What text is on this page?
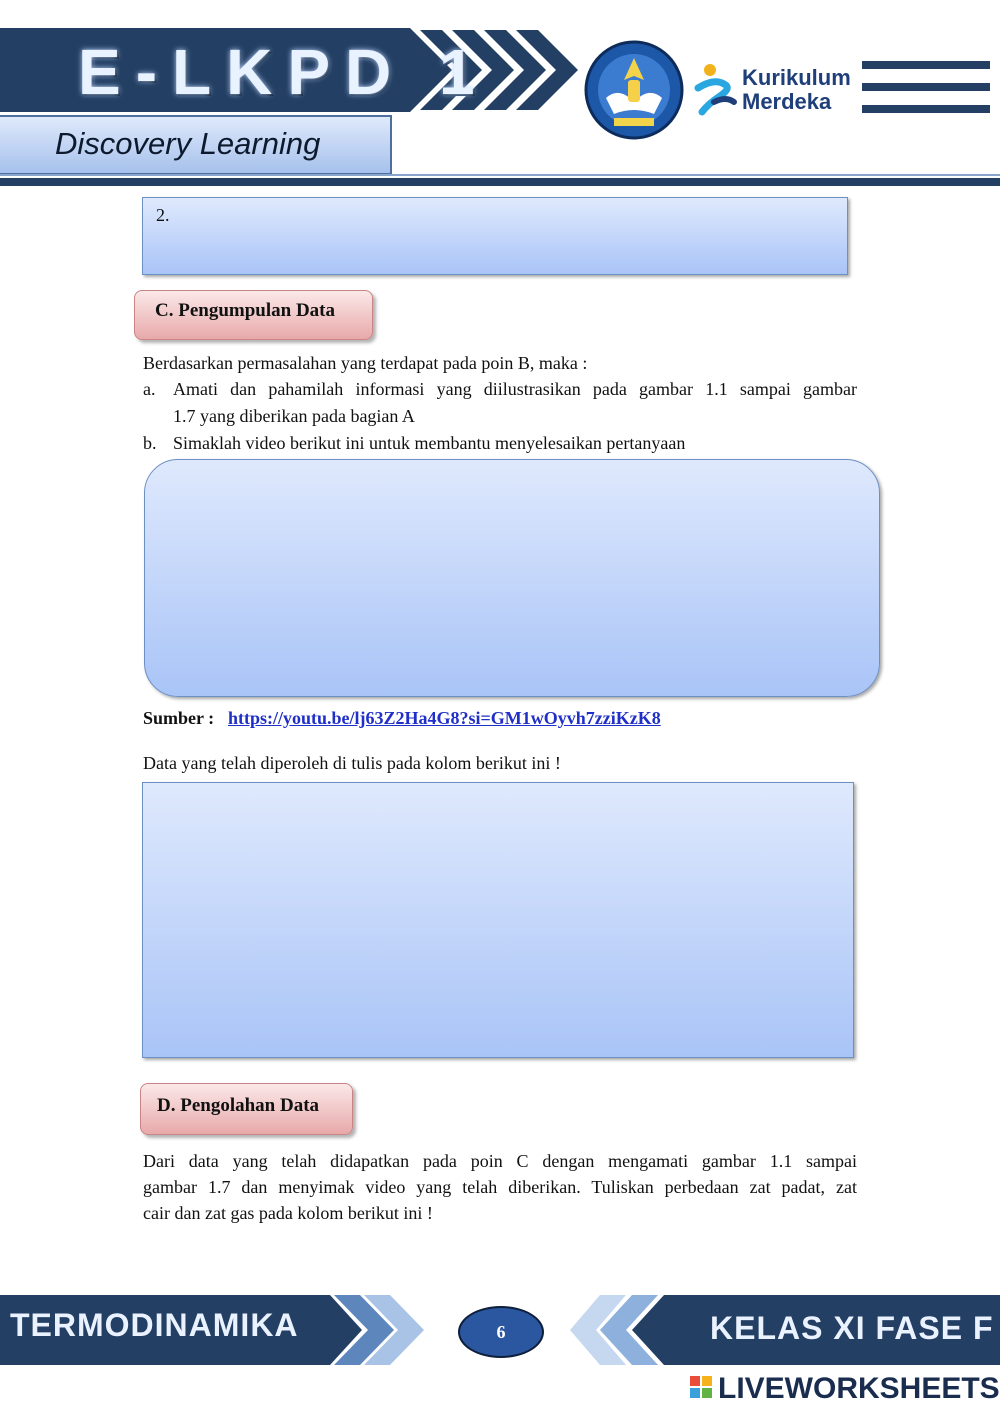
E-LKPD 1
Discovery Learning
Kurikulum
Merdeka
2.
C. Pengumpulan Data
Berdasarkan permasalahan yang terdapat pada poin B, maka :
a. Amati dan pahamilah informasi yang diilustrasikan pada gambar 1.1 sampai gambar
1.7 yang diberikan pada bagian A
b. Simaklah video berikut ini untuk membantu menyelesaikan pertanyaan
Sumber : https://youtu.be/lj63Z2Ha4G8?si=GM1wOyvh7zziKzK8
Data yang telah diperoleh di tulis pada kolom berikut ini !
D. Pengolahan Data
Dari data yang telah didapatkan pada poin C dengan mengamati gambar 1.1 sampai
gambar 1.7 dan menyimak video yang telah diberikan. Tuliskan perbedaan zat padat, zat
cair dan zat gas pada kolom berikut ini !
TERMODINAMIKA	6	KELAS XI FASE F
LIVEWORKSHEETS
